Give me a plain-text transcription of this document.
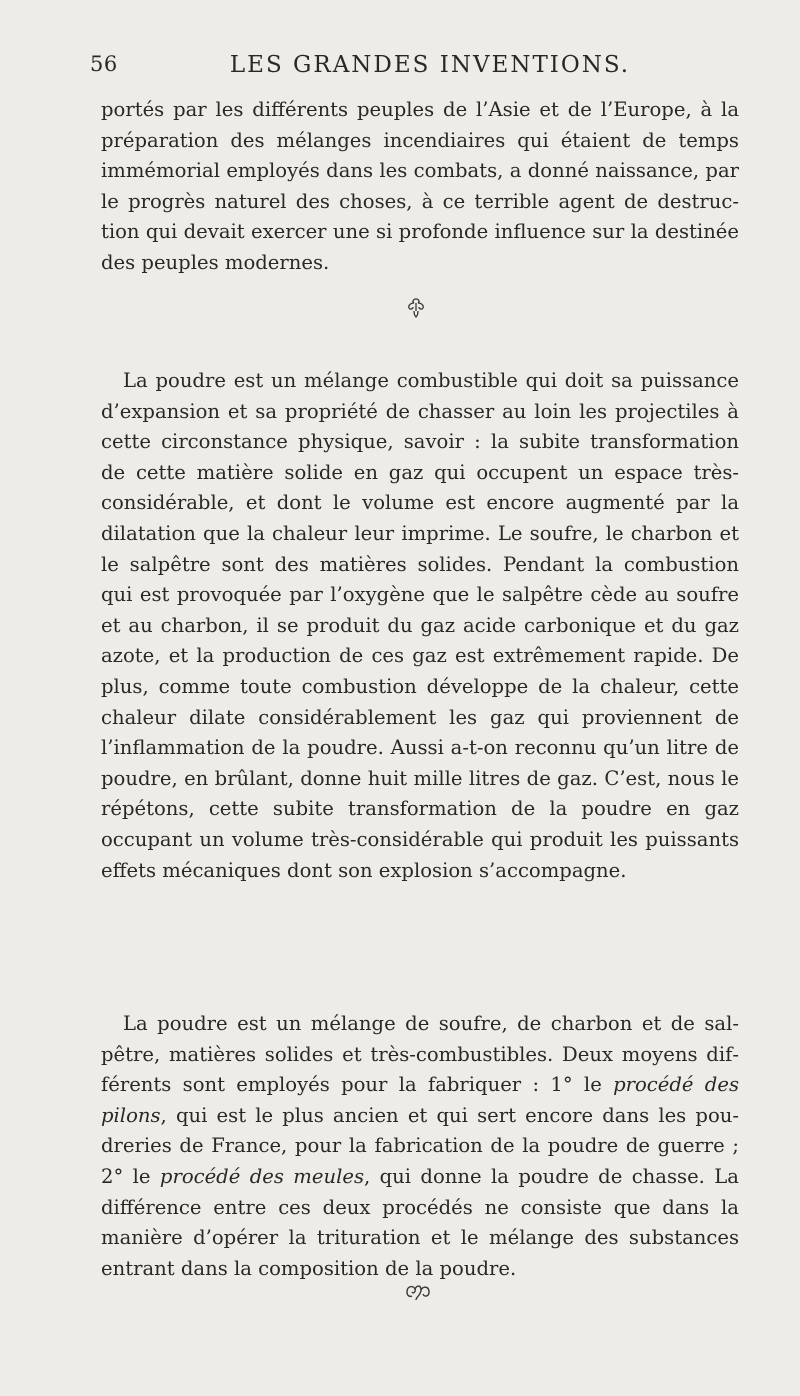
56	LES GRANDES INVENTIONS.

portés par les différents peuples de l’Asie et de l’Europe, à la préparation des mélanges incendiaires qui étaient de temps immémorial employés dans les combats, a donné naissance, par le progrès naturel des choses, à ce terrible agent de destruction qui devait exercer une si profonde influence sur la destinée des peuples modernes.

La poudre est un mélange combustible qui doit sa puissance d’expansion et sa propriété de chasser au loin les projectiles à cette circonstance physique, savoir : la subite transformation de cette matière solide en gaz qui occupent un espace très-considérable, et dont le volume est encore augmenté par la dilatation que la chaleur leur imprime. Le soufre, le charbon et le salpêtre sont des matières solides. Pendant la combustion qui est provoquée par l’oxygène que le salpêtre cède au soufre et au charbon, il se produit du gaz acide carbonique et du gaz azote, et la production de ces gaz est extrêmement rapide. De plus, comme toute combustion développe de la chaleur, cette chaleur dilate considérablement les gaz qui proviennent de l’inflammation de la poudre. Aussi a-t-on reconnu qu’un litre de poudre, en brûlant, donne huit mille litres de gaz. C’est, nous le répétons, cette subite transformation de la poudre en gaz occupant un volume très-considérable qui produit les puissants effets mécaniques dont son explosion s’accompagne.

La poudre est un mélange de soufre, de charbon et de salpêtre, matières solides et très-combustibles. Deux moyens différents sont employés pour la fabriquer : 1° le procédé des pilons, qui est le plus ancien et qui sert encore dans les poudreries de France, pour la fabrication de la poudre de guerre ; 2° le procédé des meules, qui donne la poudre de chasse. La différence entre ces deux procédés ne consiste que dans la manière d’opérer la trituration et le mélange des substances entrant dans la composition de la poudre.
